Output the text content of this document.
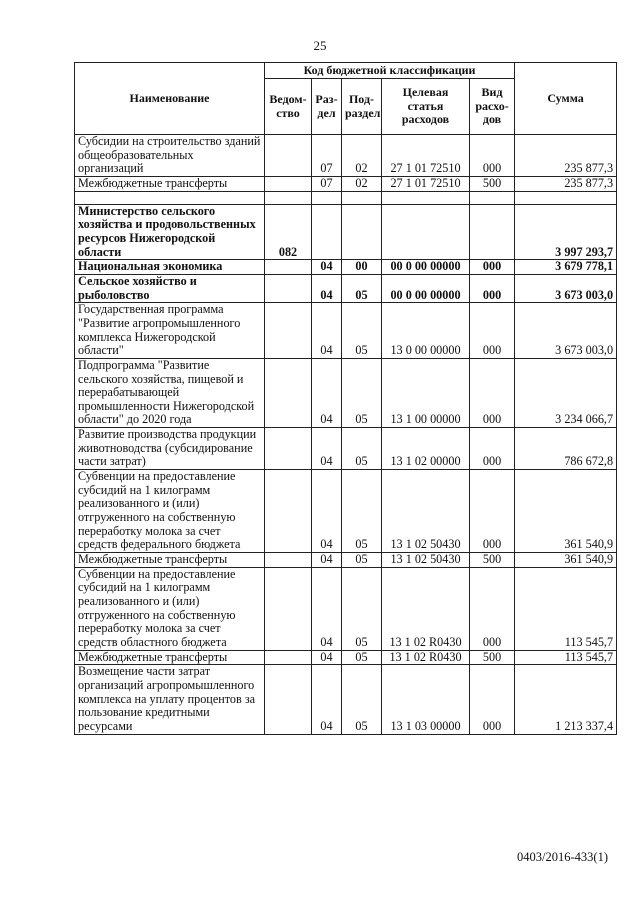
25
Наименование	Код бюджетной классификации					Сумма
	Ведом-ство	Раз-дел	Под-раздел	Целевая статья расходов	Вид расхо-дов	
Субсидии на строительство зданий общеобразовательных организаций		07	02	27 1 01 72510	000	235 877,3
Межбюджетные трансферты		07	02	27 1 01 72510	500	235 877,3

Министерство сельского хозяйства и продовольственных ресурсов Нижегородской области	082					3 997 293,7
Национальная экономика		04	00	00 0 00 00000	000	3 679 778,1
Сельское хозяйство и рыболовство		04	05	00 0 00 00000	000	3 673 003,0
Государственная программа "Развитие агропромышленного комплекса Нижегородской области"		04	05	13 0 00 00000	000	3 673 003,0
Подпрограмма "Развитие сельского хозяйства, пищевой и перерабатывающей промышленности Нижегородской области" до 2020 года		04	05	13 1 00 00000	000	3 234 066,7
Развитие производства продукции животноводства (субсидирование части затрат)		04	05	13 1 02 00000	000	786 672,8
Субвенции на предоставление субсидий на 1 килограмм реализованного и (или) отгруженного на собственную переработку молока за счет средств федерального бюджета		04	05	13 1 02 50430	000	361 540,9
Межбюджетные трансферты		04	05	13 1 02 50430	500	361 540,9
Субвенции на предоставление субсидий на 1 килограмм реализованного и (или) отгруженного на собственную переработку молока за счет средств областного бюджета		04	05	13 1 02 R0430	000	113 545,7
Межбюджетные трансферты		04	05	13 1 02 R0430	500	113 545,7
Возмещение части затрат организаций агропромышленного комплекса на уплату процентов за пользование кредитными ресурсами		04	05	13 1 03 00000	000	1 213 337,4
0403/2016-433(1)
